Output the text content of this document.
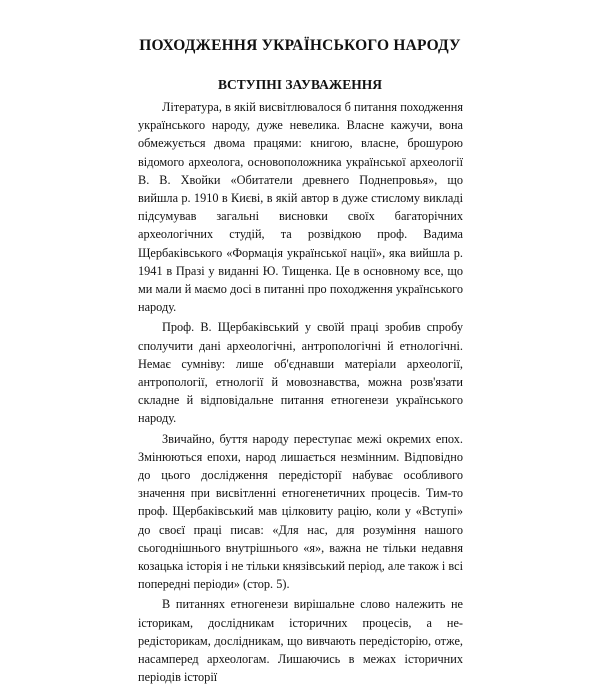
ПОХОДЖЕННЯ УКРАЇНСЬКОГО НАРОДУ
ВСТУПНІ ЗАУВАЖЕННЯ

Література, в якій висвітлювалося б питання походження українського народу, дуже невелика. Власне кажучи, вона обмежується двома працями: книгою, власне, брошурою відомого археолога, основоположника української археології В. В. Хвойки «Обитатели древнего Поднепровья», що вийшла р. 1910 в Києві, в якій автор в дуже стислому викладі підсумував загальні висновки своїх багаторічних археологічних студій, та розвідкою проф. Вадима Щербаківського «Формація української нації», яка вийшла р. 1941 в Празі у виданні Ю. Тищенка. Це в основному все, що ми мали й маємо досі в питанні про походження українського народу.

Проф. В. Щербаківський у своїй праці зробив спробу сполучити дані археологічні, антропологічні й етнологічні. Немає сумніву: лише об'єднавши матеріали археології, антропології, етнології й мовознавства, можна розв'язати складне й відповідальне питання етногенези українського народу.

Звичайно, буття народу переступає межі окремих епох. Змінюються епохи, народ лишається незмінним. Відповідно до цього дослідження передісторії набуває особливого значення при висвітленні етногенетичних процесів. Тим-то проф. Щербаківський мав цілковиту рацію, коли у «Вступі» до своєї праці писав: «Для нас, для розуміння нашого сьогоднішнього внутрішнього «я», важна не тільки недавня козацька історія і не тільки князівський період, але також і всі попередні періоди» (стор. 5).

В питаннях етногенези вирішальне слово належить не історикам, дослідникам історичних процесів, а не-редісторикам, дослідникам, що вивчають передісторію, отже, насамперед археологам. Лишаючись в межах історичних періодів історії
